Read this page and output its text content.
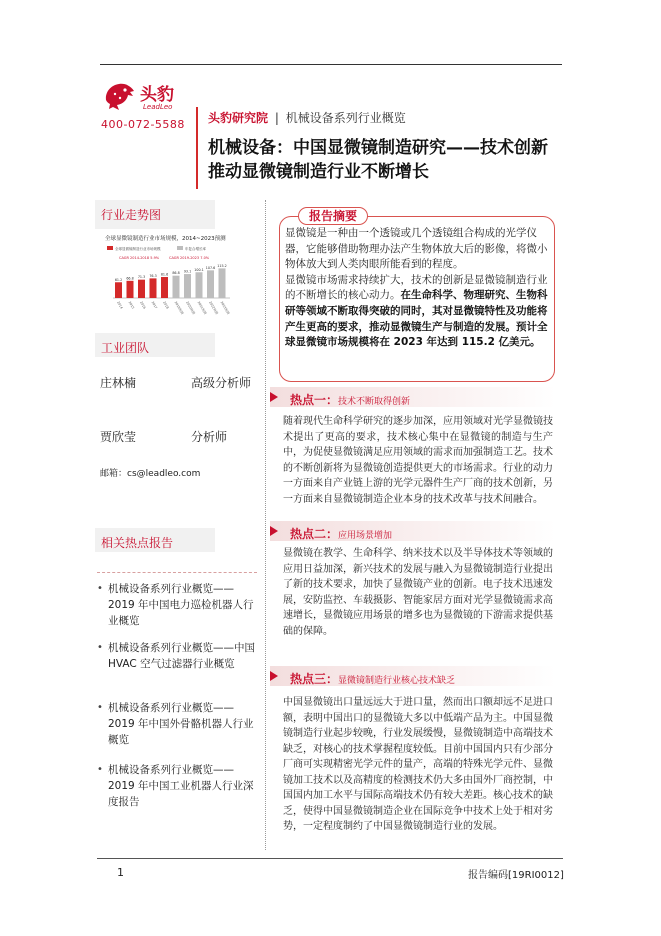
头豹
LeadLeo
400-072-5588 头豹研究院 | 机械设备系列行业概览
机械设备：中国显微镜制造研究——技术创新推动显微镜制造行业不断增长
行业走势图
全球显微镜制造行业市场规模，2014~2023预测
全球显微镜制造行业市场规模	年复合增长率
CAGR 2014-2018 5.9%	CAGR 2019-2023 7.0%
61.2
2014
66.8
2015
71.3
2016
76.3
2017
81.6
2018
86.8
2019预测
93.1
2020预测
100.1
2021预测
107.6
2022预测
115.2
2023预测
工业团队
庄林楠	高级分析师
贾欣莹	分析师
邮箱：cs@leadleo.com
相关热点报告
• 机械设备系列行业概览——2019 年中国电力巡检机器人行业概览
• 机械设备系列行业概览——中国 HVAC 空气过滤器行业概览
• 机械设备系列行业概览——2019 年中国外骨骼机器人行业概览
• 机械设备系列行业概览——2019 年中国工业机器人行业深度报告
报告摘要
显微镜是一种由一个透镜或几个透镜组合构成的光学仪器，它能够借助物理办法产生物体放大后的影像，将微小物体放大到人类肉眼所能看到的程度。
显微镜市场需求持续扩大，技术的创新是显微镜制造行业的不断增长的核心动力。在生命科学、物理研究、生物科研等领域不断取得突破的同时，其对显微镜特性及功能将产生更高的要求，推动显微镜生产与制造的发展。预计全球显微镜市场规模将在 2023 年达到 115.2 亿美元。
热点一：技术不断取得创新
随着现代生命科学研究的逐步加深，应用领域对光学显微镜技术提出了更高的要求，技术核心集中在显微镜的制造与生产中，为促使显微镜满足应用领域的需求而加强制造工艺。技术的不断创新将为显微镜创造提供更大的市场需求。行业的动力一方面来自产业链上游的光学元器件生产厂商的技术创新，另一方面来自显微镜制造企业本身的技术改革与技术间融合。
热点二：应用场景增加
显微镜在教学、生命科学、纳米技术以及半导体技术等领域的应用日益加深，新兴技术的发展与融入为显微镜制造行业提出了新的技术要求，加快了显微镜产业的创新。电子技术迅速发展，安防监控、车载摄影、智能家居方面对光学显微镜需求高速增长，显微镜应用场景的增多也为显微镜的下游需求提供基础的保障。
热点三：显微镜制造行业核心技术缺乏
中国显微镜出口量远远大于进口量，然而出口额却远不足进口额，表明中国出口的显微镜大多以中低端产品为主。中国显微镜制造行业起步较晚，行业发展缓慢，显微镜制造中高端技术缺乏，对核心的技术掌握程度较低。目前中国国内只有少部分厂商可实现精密光学元件的量产，高端的特殊光学元件、显微镜加工技术以及高精度的检测技术仍大多由国外厂商控制，中国国内加工水平与国际高端技术仍有较大差距。核心技术的缺乏，使得中国显微镜制造企业在国际竞争中技术上处于相对劣势，一定程度制约了中国显微镜制造行业的发展。
1	报告编码[19RI0012]
